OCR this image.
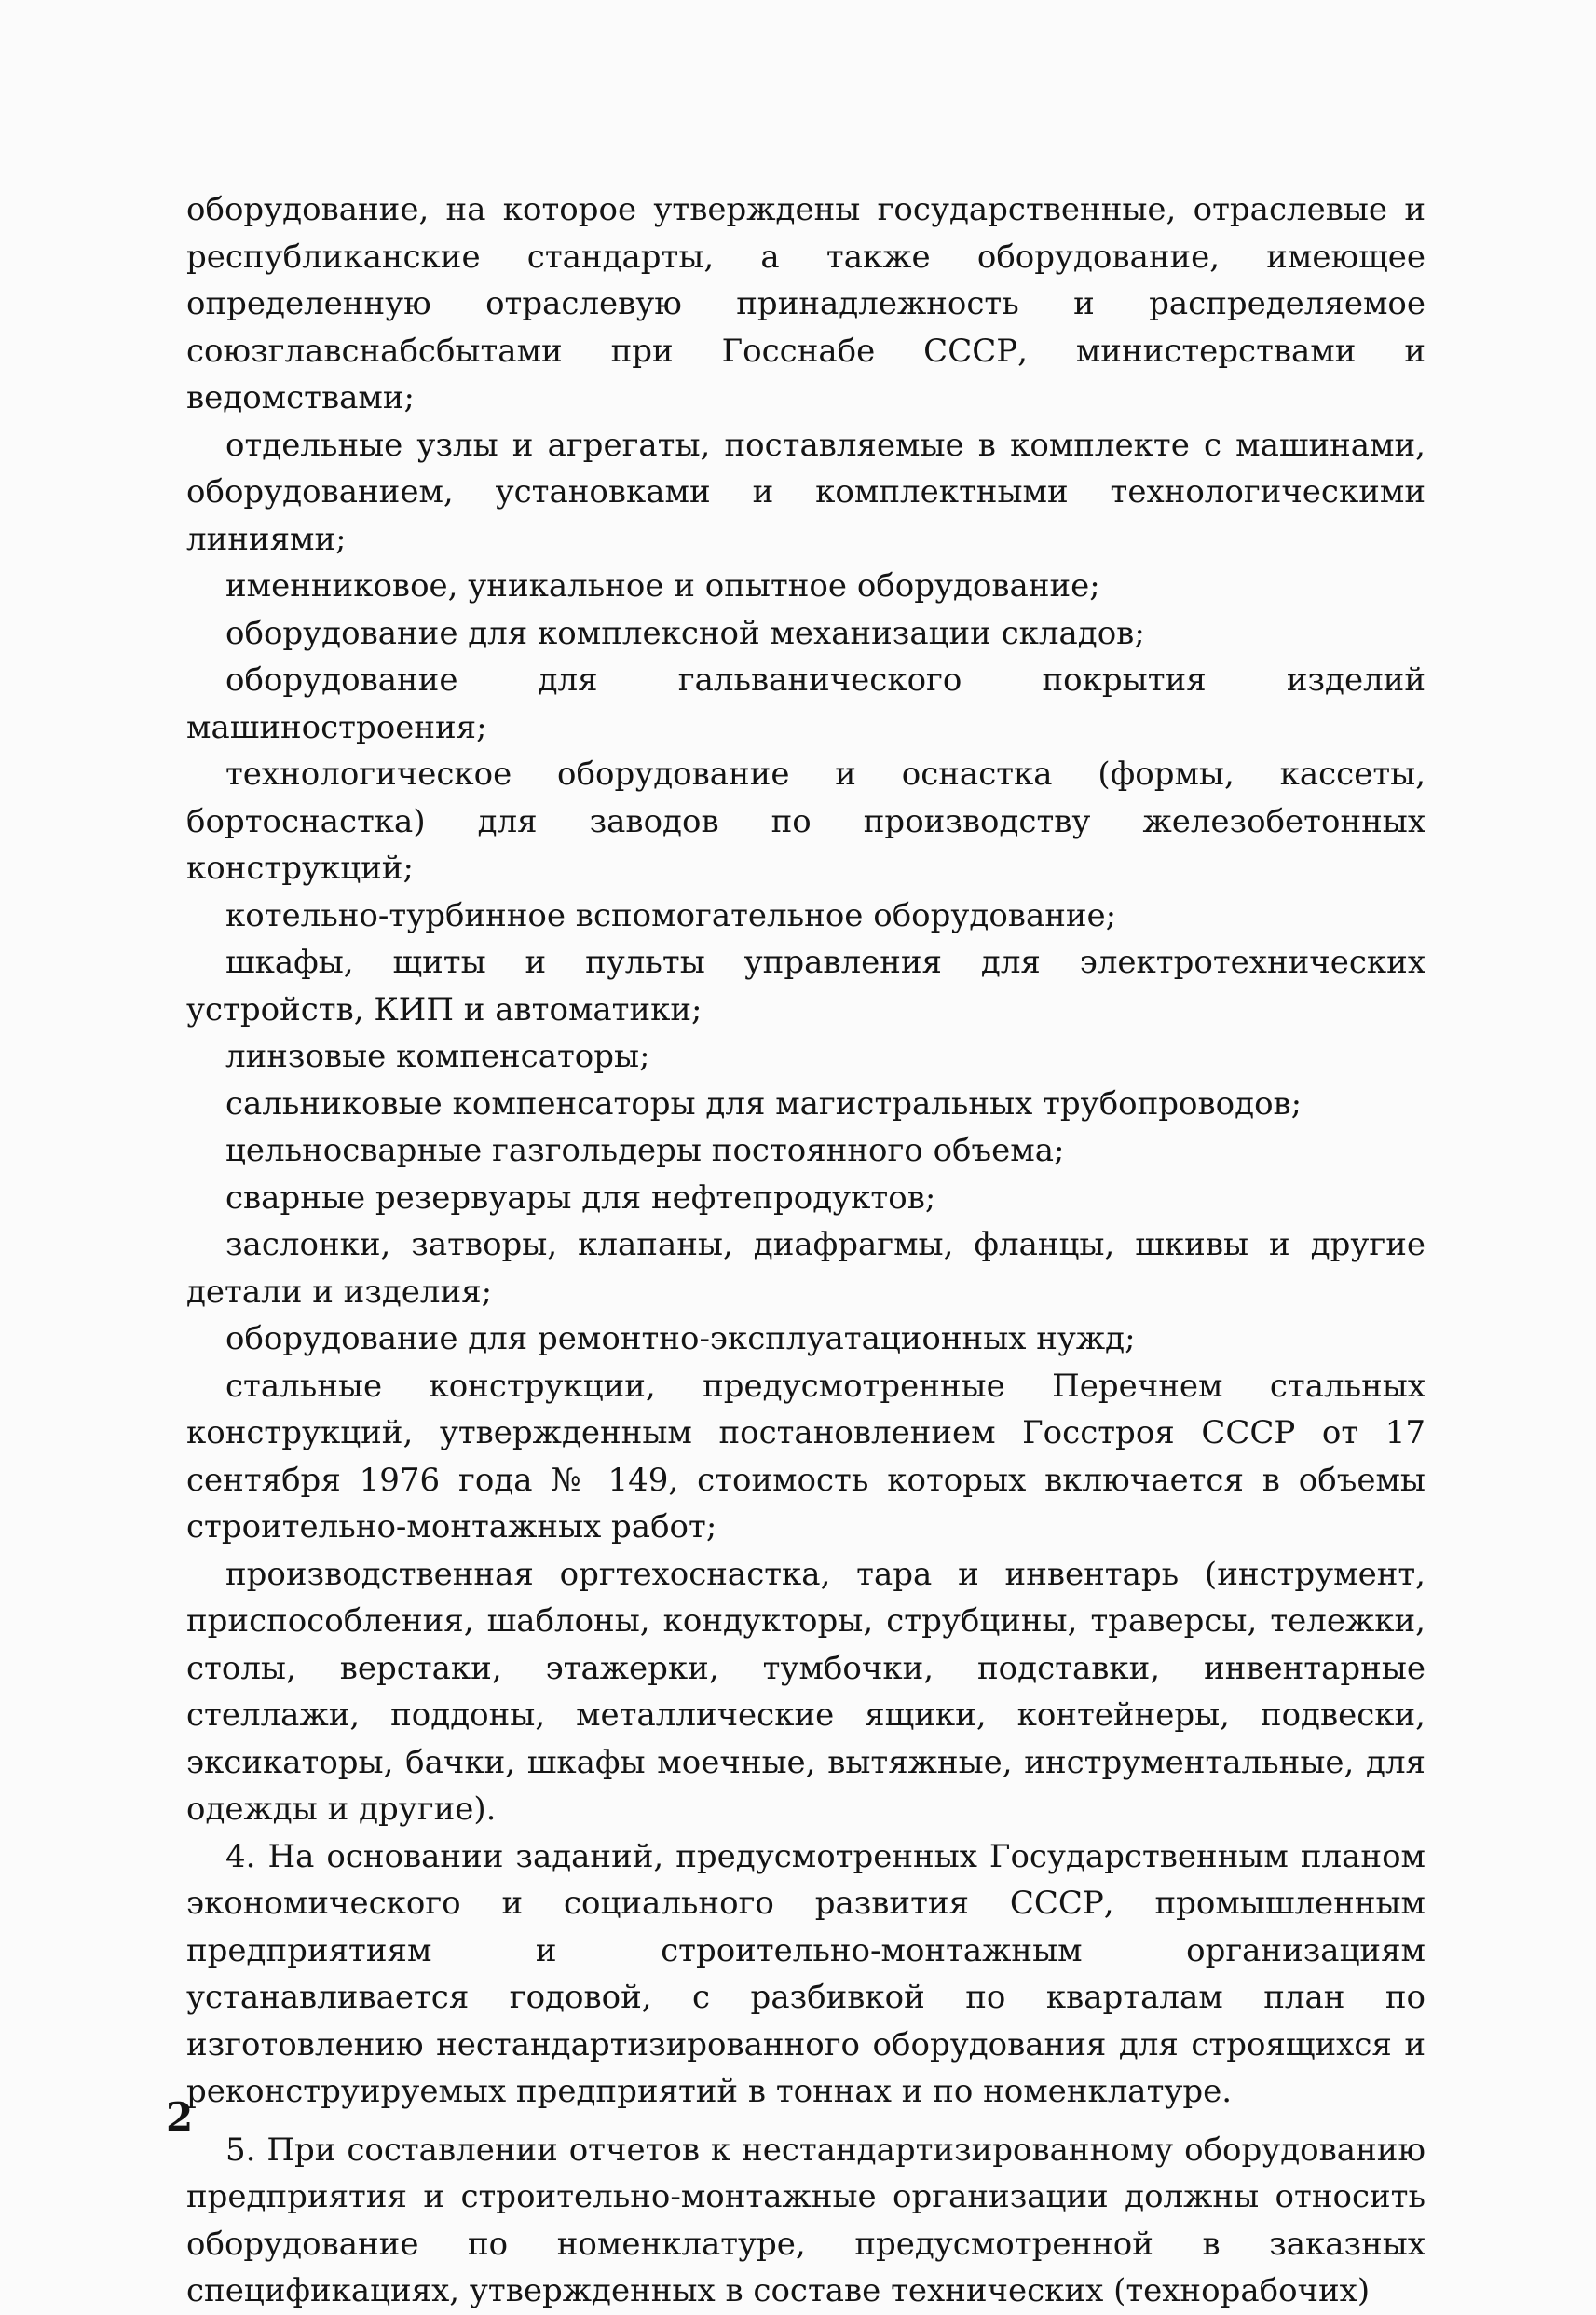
оборудование, на которое утверждены государственные, отраслевые и республиканские стандарты, а также оборудование, имеющее определенную отраслевую принадлежность и распределяемое союзглавснабсбытами при Госснабе СССР, министерствами и ведомствами;

отдельные узлы и агрегаты, поставляемые в комплекте с машинами, оборудованием, установками и комплектными технологическими линиями;

именниковое, уникальное и опытное оборудование;

оборудование для комплексной механизации складов;

оборудование для гальванического покрытия изделий машиностроения;

технологическое оборудование и оснастка (формы, кассеты, бортоснастка) для заводов по производству железобетонных конструкций;

котельно-турбинное вспомогательное оборудование;

шкафы, щиты и пульты управления для электротехнических устройств, КИП и автоматики;

линзовые компенсаторы;

сальниковые компенсаторы для магистральных трубопроводов;

цельносварные газгольдеры постоянного объема;

сварные резервуары для нефтепродуктов;

заслонки, затворы, клапаны, диафрагмы, фланцы, шкивы и другие детали и изделия;

оборудование для ремонтно-эксплуатационных нужд;

стальные конструкции, предусмотренные Перечнем стальных конструкций, утвержденным постановлением Госстроя СССР от 17 сентября 1976 года № 149, стоимость которых включается в объемы строительно-монтажных работ;

производственная оргтехоснастка, тара и инвентарь (инструмент, приспособления, шаблоны, кондукторы, струбцины, траверсы, тележки, столы, верстаки, этажерки, тумбочки, подставки, инвентарные стеллажи, поддоны, металлические ящики, контейнеры, подвески, эксикаторы, бачки, шкафы моечные, вытяжные, инструментальные, для одежды и другие).

4. На основании заданий, предусмотренных Государственным планом экономического и социального развития СССР, промышленным предприятиям и строительно-монтажным организациям устанавливается годовой, с разбивкой по кварталам план по изготовлению нестандартизированного оборудования для строящихся и реконструируемых предприятий в тоннах и по номенклатуре.

5. При составлении отчетов к нестандартизированному оборудованию предприятия и строительно-монтажные организации должны относить оборудование по номенклатуре, предусмотренной в заказных спецификациях, утвержденных в составе технических (технорабочих)

2
